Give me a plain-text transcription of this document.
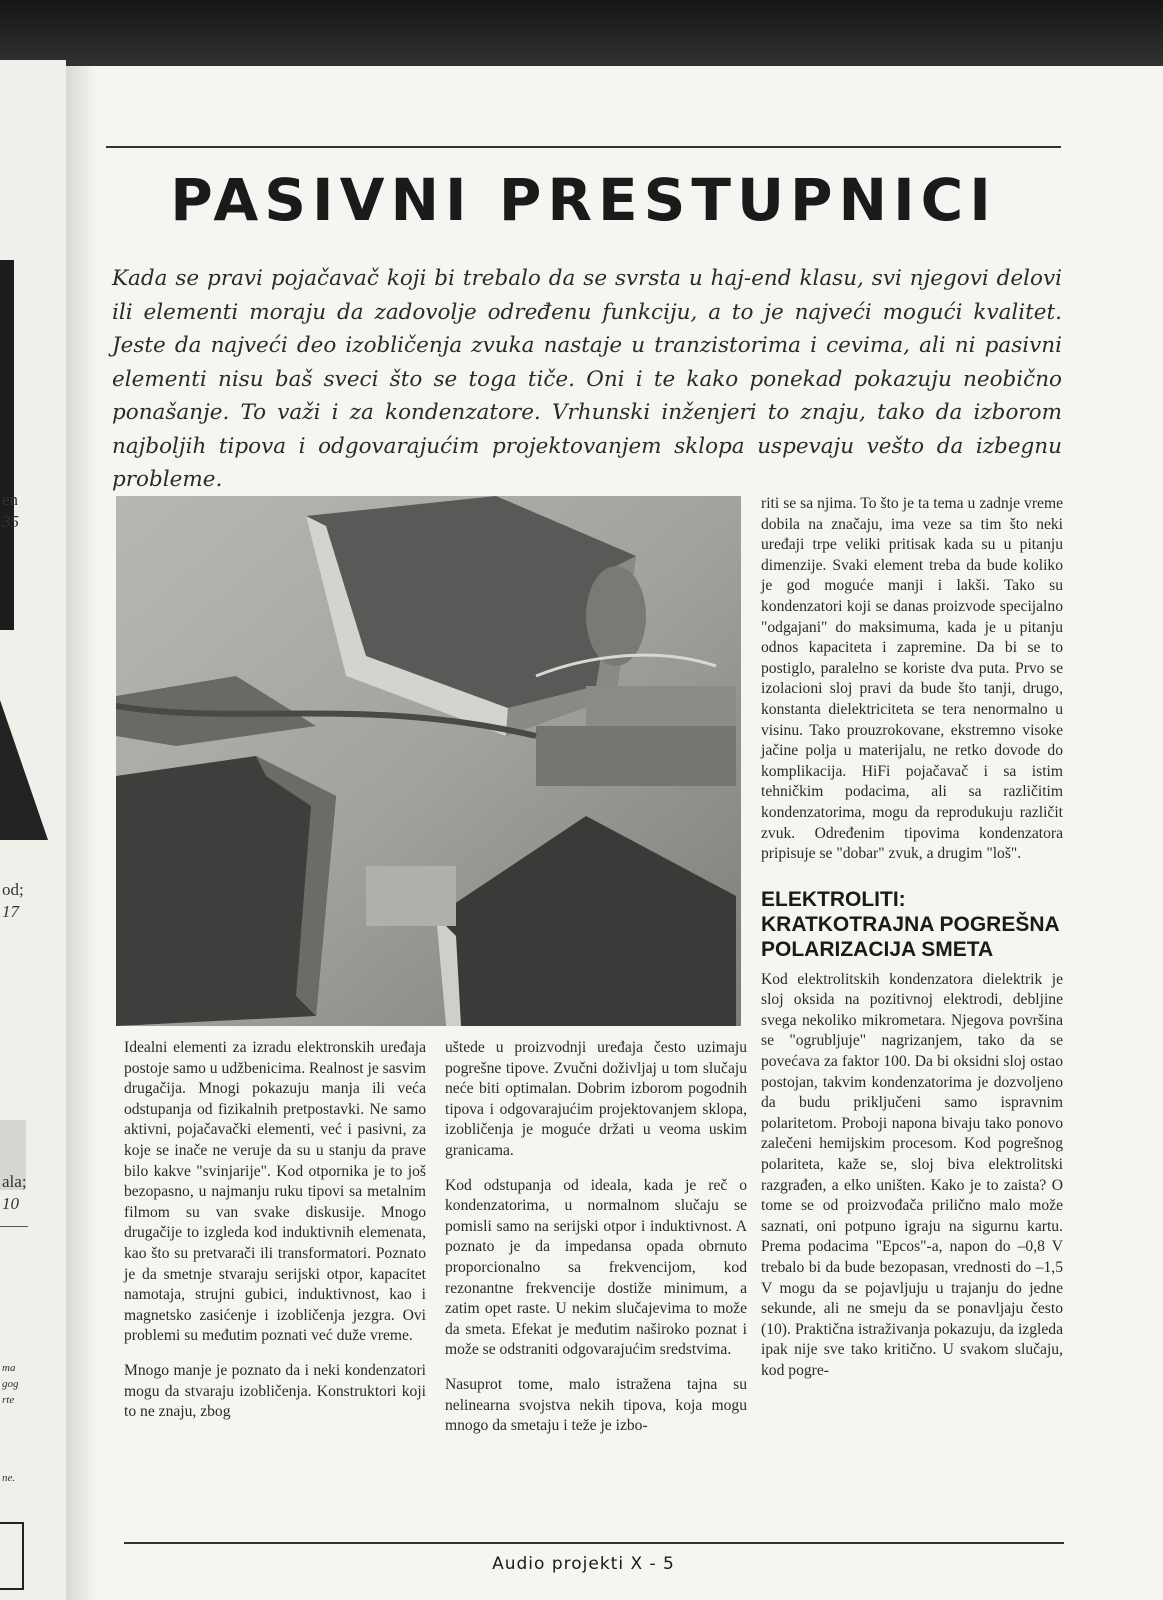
en
35
od;
17
ala;
10
ma
gog
rte
ne.
PASIVNI PRESTUPNICI

Kada se pravi pojačavač koji bi trebalo da se svrsta u haj-end klasu, svi njegovi delovi ili elementi moraju da zadovolje određenu funkciju, a to je najveći mogući kvalitet. Jeste da najveći deo izobličenja zvuka nastaje u tranzistorima i cevima, ali ni pasivni elementi nisu baš sveci što se toga tiče. Oni i te kako ponekad pokazuju neobično ponašanje. To važi i za kondenzatore. Vrhunski inženjeri to znaju, tako da izborom najboljih tipova i odgovarajućim projektovanjem sklopa uspevaju vešto da izbegnu probleme.

Idealni elementi za izradu elektronskih uređaja postoje samo u udžbenicima. Realnost je sasvim drugačija. Mnogi pokazuju manja ili veća odstupanja od fizikalnih pretpostavki. Ne samo aktivni, pojačavački elementi, već i pasivni, za koje se inače ne veruje da su u stanju da prave bilo kakve "svinjarije". Kod otpornika je to još bezopasno, u najmanju ruku tipovi sa metalnim filmom su van svake diskusije. Mnogo drugačije to izgleda kod induktivnih elemenata, kao što su pretvarači ili transformatori. Poznato je da smetnje stvaraju serijski otpor, kapacitet namotaja, strujni gubici, induktivnost, kao i magnetsko zasićenje i izobličenja jezgra. Ovi problemi su međutim poznati već duže vreme.

Mnogo manje je poznato da i neki kondenzatori mogu da stvaraju izobličenja. Konstruktori koji to ne znaju, zbog

uštede u proizvodnji uređaja često uzimaju pogrešne tipove. Zvučni doživljaj u tom slučaju neće biti optimalan. Dobrim izborom pogodnih tipova i odgovarajućim projektovanjem sklopa, izobličenja je moguće držati u veoma uskim granicama.

Kod odstupanja od ideala, kada je reč o kondenzatorima, u normalnom slučaju se pomisli samo na serijski otpor i induktivnost. A poznato je da impedansa opada obrnuto proporcionalno sa frekvencijom, kod rezonantne frekvencije dostiže minimum, a zatim opet raste. U nekim slučajevima to može da smeta. Efekat je međutim naširoko poznat i može se odstraniti odgovarajućim sredstvima.

Nasuprot tome, malo istražena tajna su nelinearna svojstva nekih tipova, koja mogu mnogo da smetaju i teže je izbo-

riti se sa njima. To što je ta tema u zadnje vreme dobila na značaju, ima veze sa tim što neki uređaji trpe veliki pritisak kada su u pitanju dimenzije. Svaki element treba da bude koliko je god moguće manji i lakši. Tako su kondenzatori koji se danas proizvode specijalno "odgajani" do maksimuma, kada je u pitanju odnos kapaciteta i zapremine. Da bi se to postiglo, paralelno se koriste dva puta. Prvo se izolacioni sloj pravi da bude što tanji, drugo, konstanta dielektriciteta se tera nenormalno u visinu. Tako prouzrokovane, ekstremno visoke jačine polja u materijalu, ne retko dovode do komplikacija. HiFi pojačavač i sa istim tehničkim podacima, ali sa različitim kondenzatorima, mogu da reprodukuju različit zvuk. Određenim tipovima kondenzatora pripisuje se "dobar" zvuk, a drugim "loš".

ELEKTROLITI: KRATKOTRAJNA POGREŠNA POLARIZACIJA SMETA

Kod elektrolitskih kondenzatora dielektrik je sloj oksida na pozitivnoj elektrodi, debljine svega nekoliko mikrometara. Njegova površina se "ogrubljuje" nagrizanjem, tako da se povećava za faktor 100. Da bi oksidni sloj ostao postojan, takvim kondenzatorima je dozvoljeno da budu priključeni samo ispravnim polaritetom. Proboji napona bivaju tako ponovo zalečeni hemijskim procesom. Kod pogrešnog polariteta, kaže se, sloj biva elektrolitski razgrađen, a elko uništen. Kako je to zaista? O tome se od proizvođača prilično malo može saznati, oni potpuno igraju na sigurnu kartu. Prema podacima "Epcos"-a, napon do –0,8 V trebalo bi da bude bezopasan, vrednosti do –1,5 V mogu da se pojavljuju u trajanju do jedne sekunde, ali ne smeju da se ponavljaju često (10). Praktična istraživanja pokazuju, da izgleda ipak nije sve tako kritično. U svakom slučaju, kod pogre-

Audio projekti X - 5
